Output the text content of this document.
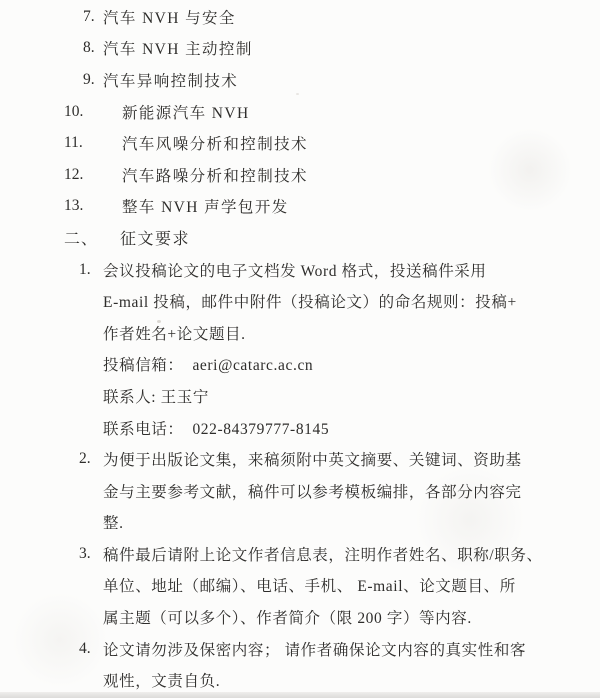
7. 汽车 NVH 与安全
8. 汽车 NVH 主动控制
9. 汽车异响控制技术
10.	新能源汽车 NVH
11.	汽车风噪分析和控制技术
12.	汽车路噪分析和控制技术
13.	整车 NVH 声学包开发
二、	征文要求
1. 会议投稿论文的电子文档发 Word 格式，投送稿件采用
E-mail 投稿，邮件中附件（投稿论文）的命名规则：投稿+
作者姓名+论文题目.
投稿信箱：  aeri@catarc.ac.cn
联系人: 王玉宁
联系电话：  022-84379777-8145
2. 为便于出版论文集，来稿须附中英文摘要、关键词、资助基
金与主要参考文献，稿件可以参考模板编排，各部分内容完
整.
3. 稿件最后请附上论文作者信息表，注明作者姓名、职称/职务、
单位、地址（邮编）、电话、手机、 E-mail、论文题目、所
属主题（可以多个）、作者简介（限 200 字）等内容.
4. 论文请勿涉及保密内容； 请作者确保论文内容的真实性和客
观性，文责自负.
